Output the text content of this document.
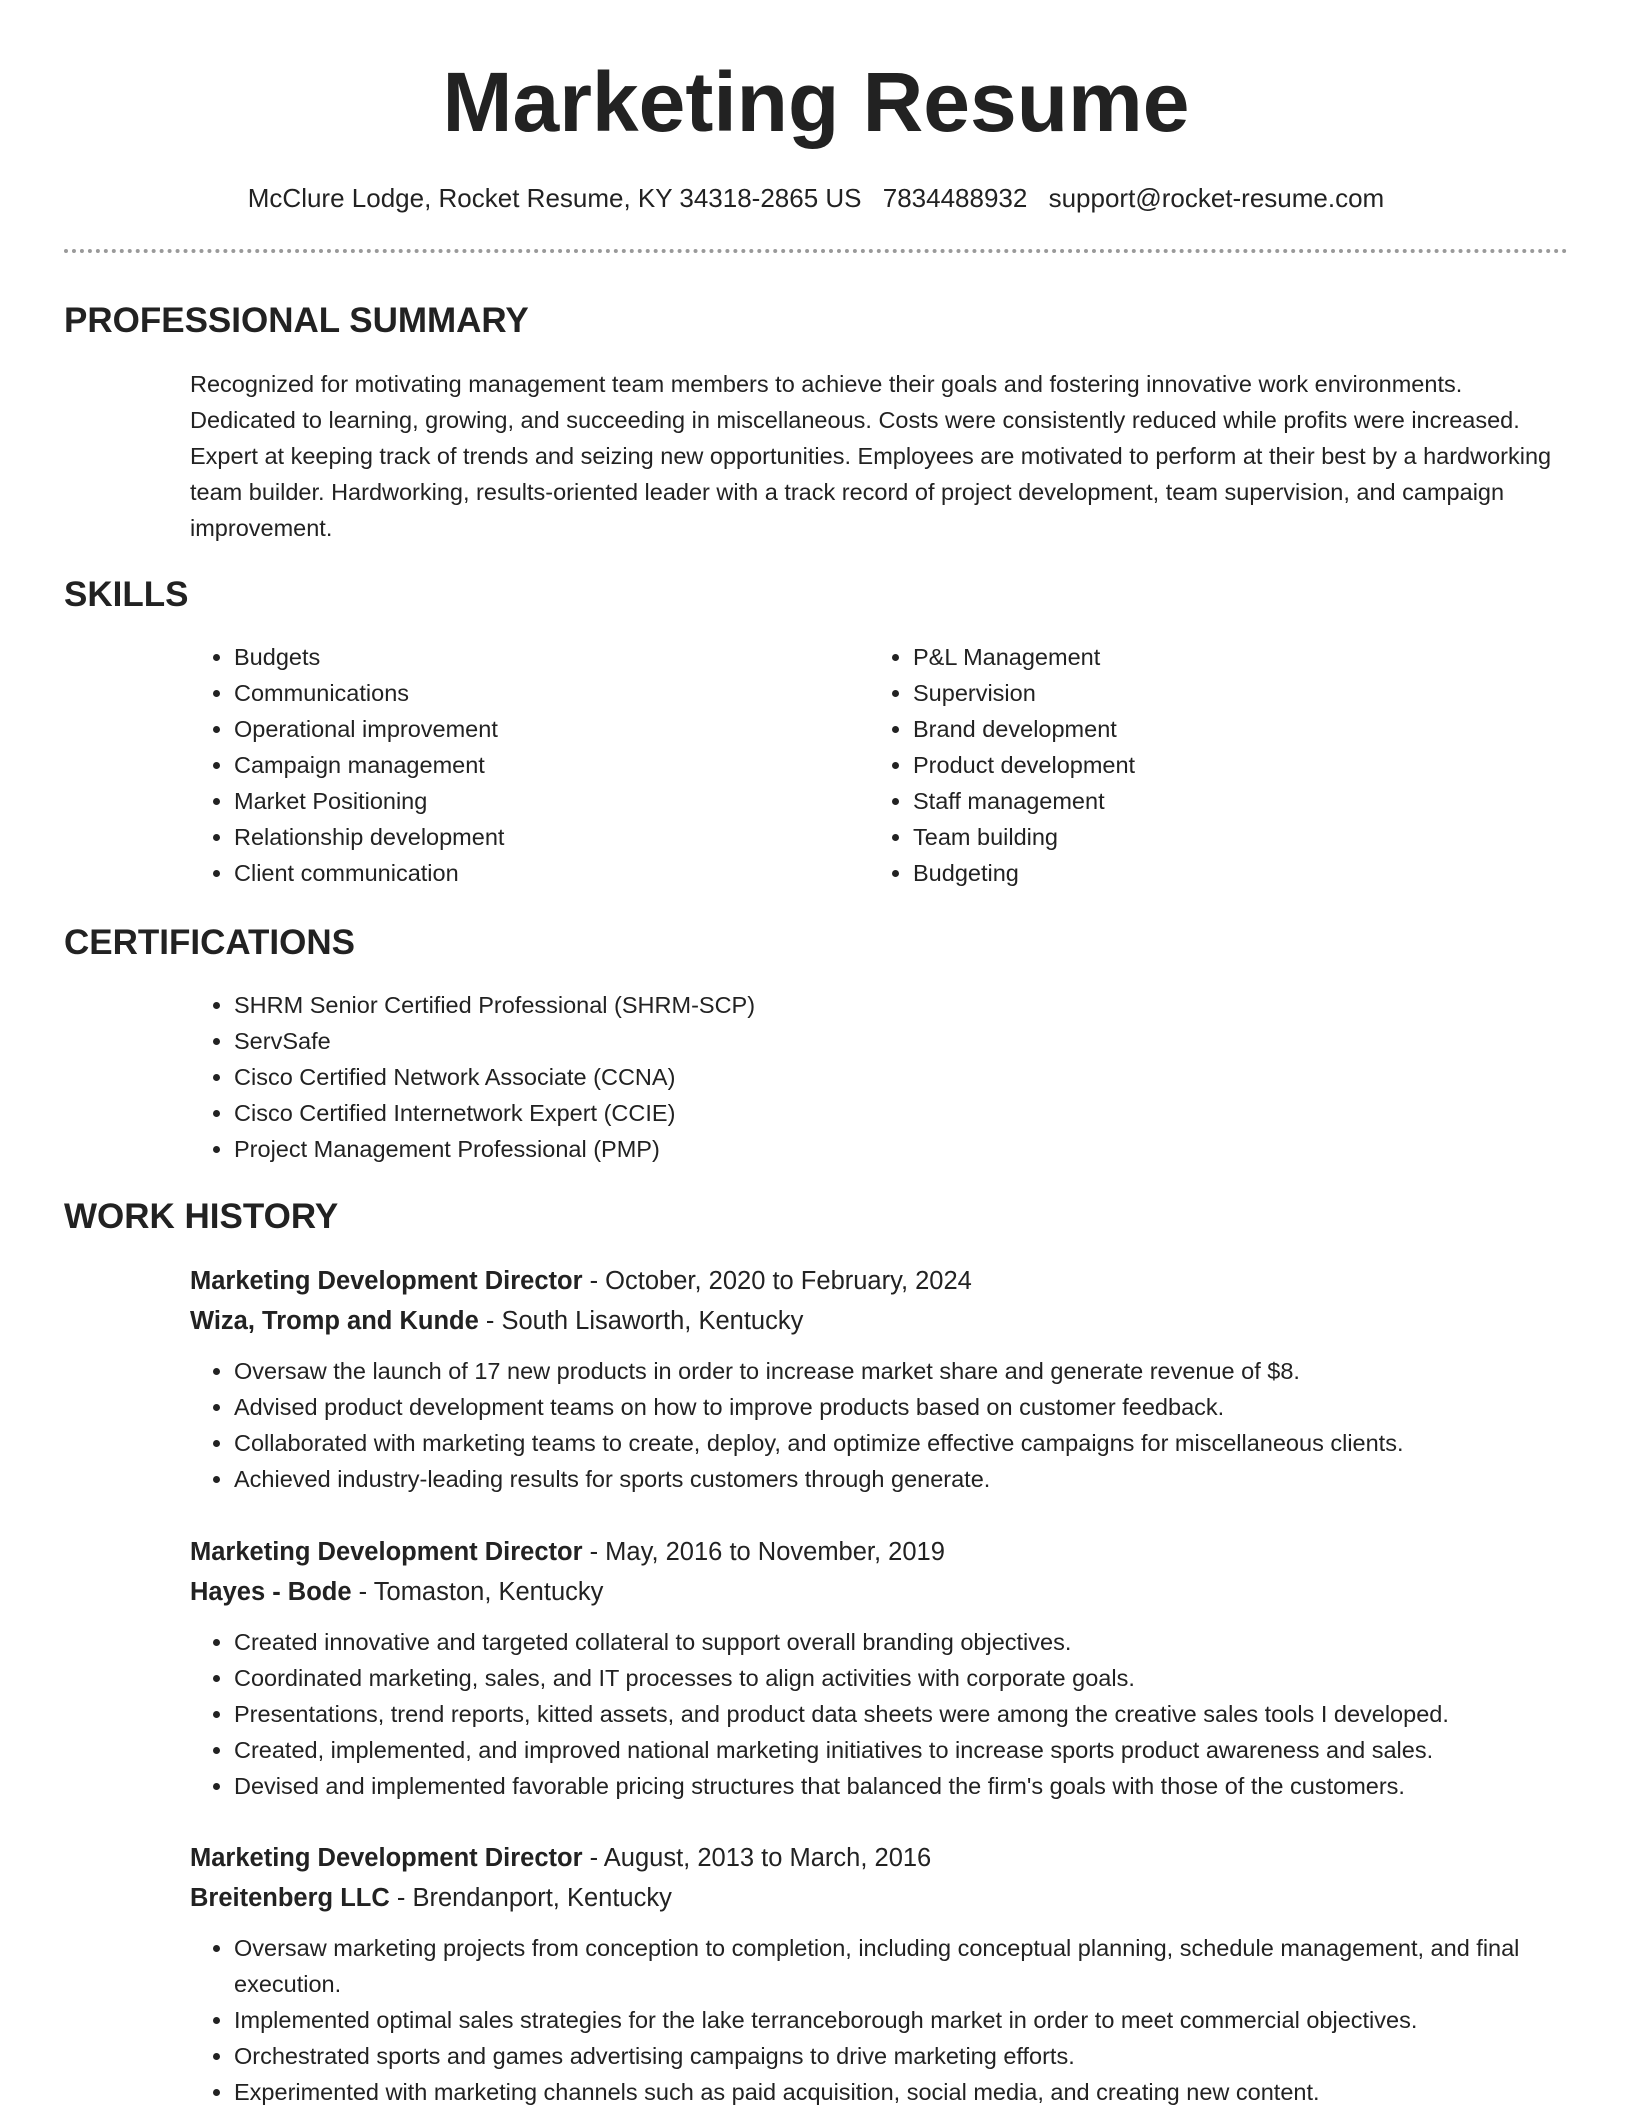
Marketing Resume
McClure Lodge, Rocket Resume, KY 34318-2865 US 7834488932 support@rocket-resume.com
PROFESSIONAL SUMMARY

Recognized for motivating management team members to achieve their goals and fostering innovative work environments. Dedicated to learning, growing, and succeeding in miscellaneous. Costs were consistently reduced while profits were increased. Expert at keeping track of trends and seizing new opportunities. Employees are motivated to perform at their best by a hardworking team builder. Hardworking, results-oriented leader with a track record of project development, team supervision, and campaign improvement.

SKILLS
• Budgets
• Communications
• Operational improvement
• Campaign management
• Market Positioning
• Relationship development
• Client communication
• P&L Management
• Supervision
• Brand development
• Product development
• Staff management
• Team building
• Budgeting
CERTIFICATIONS
• SHRM Senior Certified Professional (SHRM-SCP)
• ServSafe
• Cisco Certified Network Associate (CCNA)
• Cisco Certified Internetwork Expert (CCIE)
• Project Management Professional (PMP)
WORK HISTORY
Marketing Development Director - October, 2020 to February, 2024
Wiza, Tromp and Kunde - South Lisaworth, Kentucky
• Oversaw the launch of 17 new products in order to increase market share and generate revenue of $8.
• Advised product development teams on how to improve products based on customer feedback.
• Collaborated with marketing teams to create, deploy, and optimize effective campaigns for miscellaneous clients.
• Achieved industry-leading results for sports customers through generate.
Marketing Development Director - May, 2016 to November, 2019
Hayes - Bode - Tomaston, Kentucky
• Created innovative and targeted collateral to support overall branding objectives.
• Coordinated marketing, sales, and IT processes to align activities with corporate goals.
• Presentations, trend reports, kitted assets, and product data sheets were among the creative sales tools I developed.
• Created, implemented, and improved national marketing initiatives to increase sports product awareness and sales.
• Devised and implemented favorable pricing structures that balanced the firm's goals with those of the customers.
Marketing Development Director - August, 2013 to March, 2016
Breitenberg LLC - Brendanport, Kentucky
• Oversaw marketing projects from conception to completion, including conceptual planning, schedule management, and final execution.
• Implemented optimal sales strategies for the lake terranceborough market in order to meet commercial objectives.
• Orchestrated sports and games advertising campaigns to drive marketing efforts.
• Experimented with marketing channels such as paid acquisition, social media, and creating new content.
